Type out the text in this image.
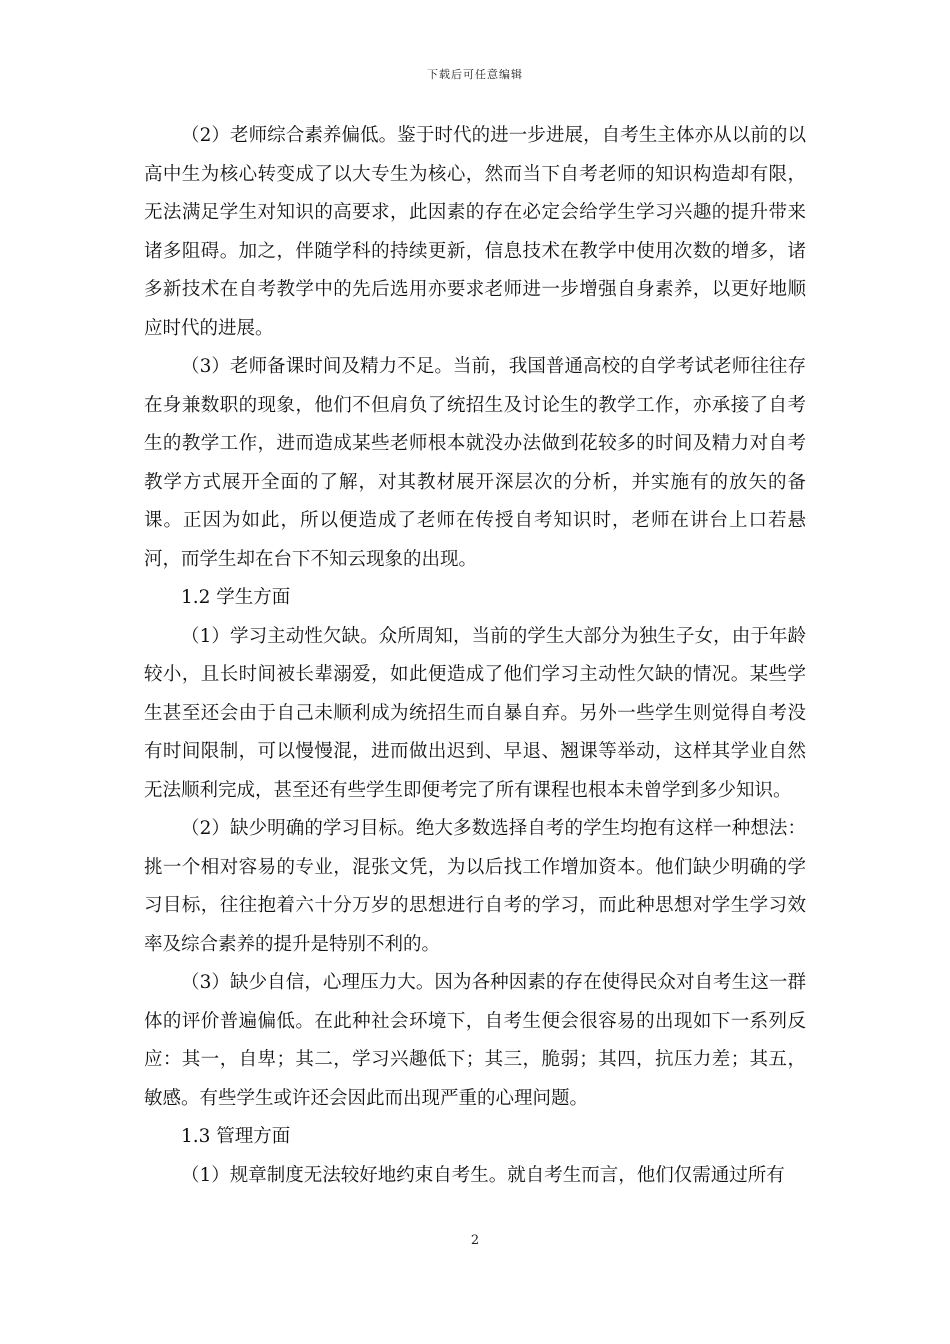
下载后可任意编辑

（2）老师综合素养偏低。鉴于时代的进一步进展，自考生主体亦从以前的以高中生为核心转变成了以大专生为核心，然而当下自考老师的知识构造却有限，无法满足学生对知识的高要求，此因素的存在必定会给学生学习兴趣的提升带来诸多阻碍。加之，伴随学科的持续更新，信息技术在教学中使用次数的增多，诸多新技术在自考教学中的先后选用亦要求老师进一步增强自身素养，以更好地顺应时代的进展。

（3）老师备课时间及精力不足。当前，我国普通高校的自学考试老师往往存在身兼数职的现象，他们不但肩负了统招生及讨论生的教学工作，亦承接了自考生的教学工作，进而造成某些老师根本就没办法做到花较多的时间及精力对自考教学方式展开全面的了解，对其教材展开深层次的分析，并实施有的放矢的备课。正因为如此，所以便造成了老师在传授自考知识时，老师在讲台上口若悬河，而学生却在台下不知云现象的出现。

1.2 学生方面

（1）学习主动性欠缺。众所周知，当前的学生大部分为独生子女，由于年龄较小，且长时间被长辈溺爱，如此便造成了他们学习主动性欠缺的情况。某些学生甚至还会由于自己未顺利成为统招生而自暴自弃。另外一些学生则觉得自考没有时间限制，可以慢慢混，进而做出迟到、早退、翘课等举动，这样其学业自然无法顺利完成，甚至还有些学生即便考完了所有课程也根本未曾学到多少知识。

（2）缺少明确的学习目标。绝大多数选择自考的学生均抱有这样一种想法：挑一个相对容易的专业，混张文凭，为以后找工作增加资本。他们缺少明确的学习目标，往往抱着六十分万岁的思想进行自考的学习，而此种思想对学生学习效率及综合素养的提升是特别不利的。

（3）缺少自信，心理压力大。因为各种因素的存在使得民众对自考生这一群体的评价普遍偏低。在此种社会环境下，自考生便会很容易的出现如下一系列反应：其一，自卑；其二，学习兴趣低下；其三，脆弱；其四，抗压力差；其五，敏感。有些学生或许还会因此而出现严重的心理问题。

1.3 管理方面

（1）规章制度无法较好地约束自考生。就自考生而言，他们仅需通过所有

2
